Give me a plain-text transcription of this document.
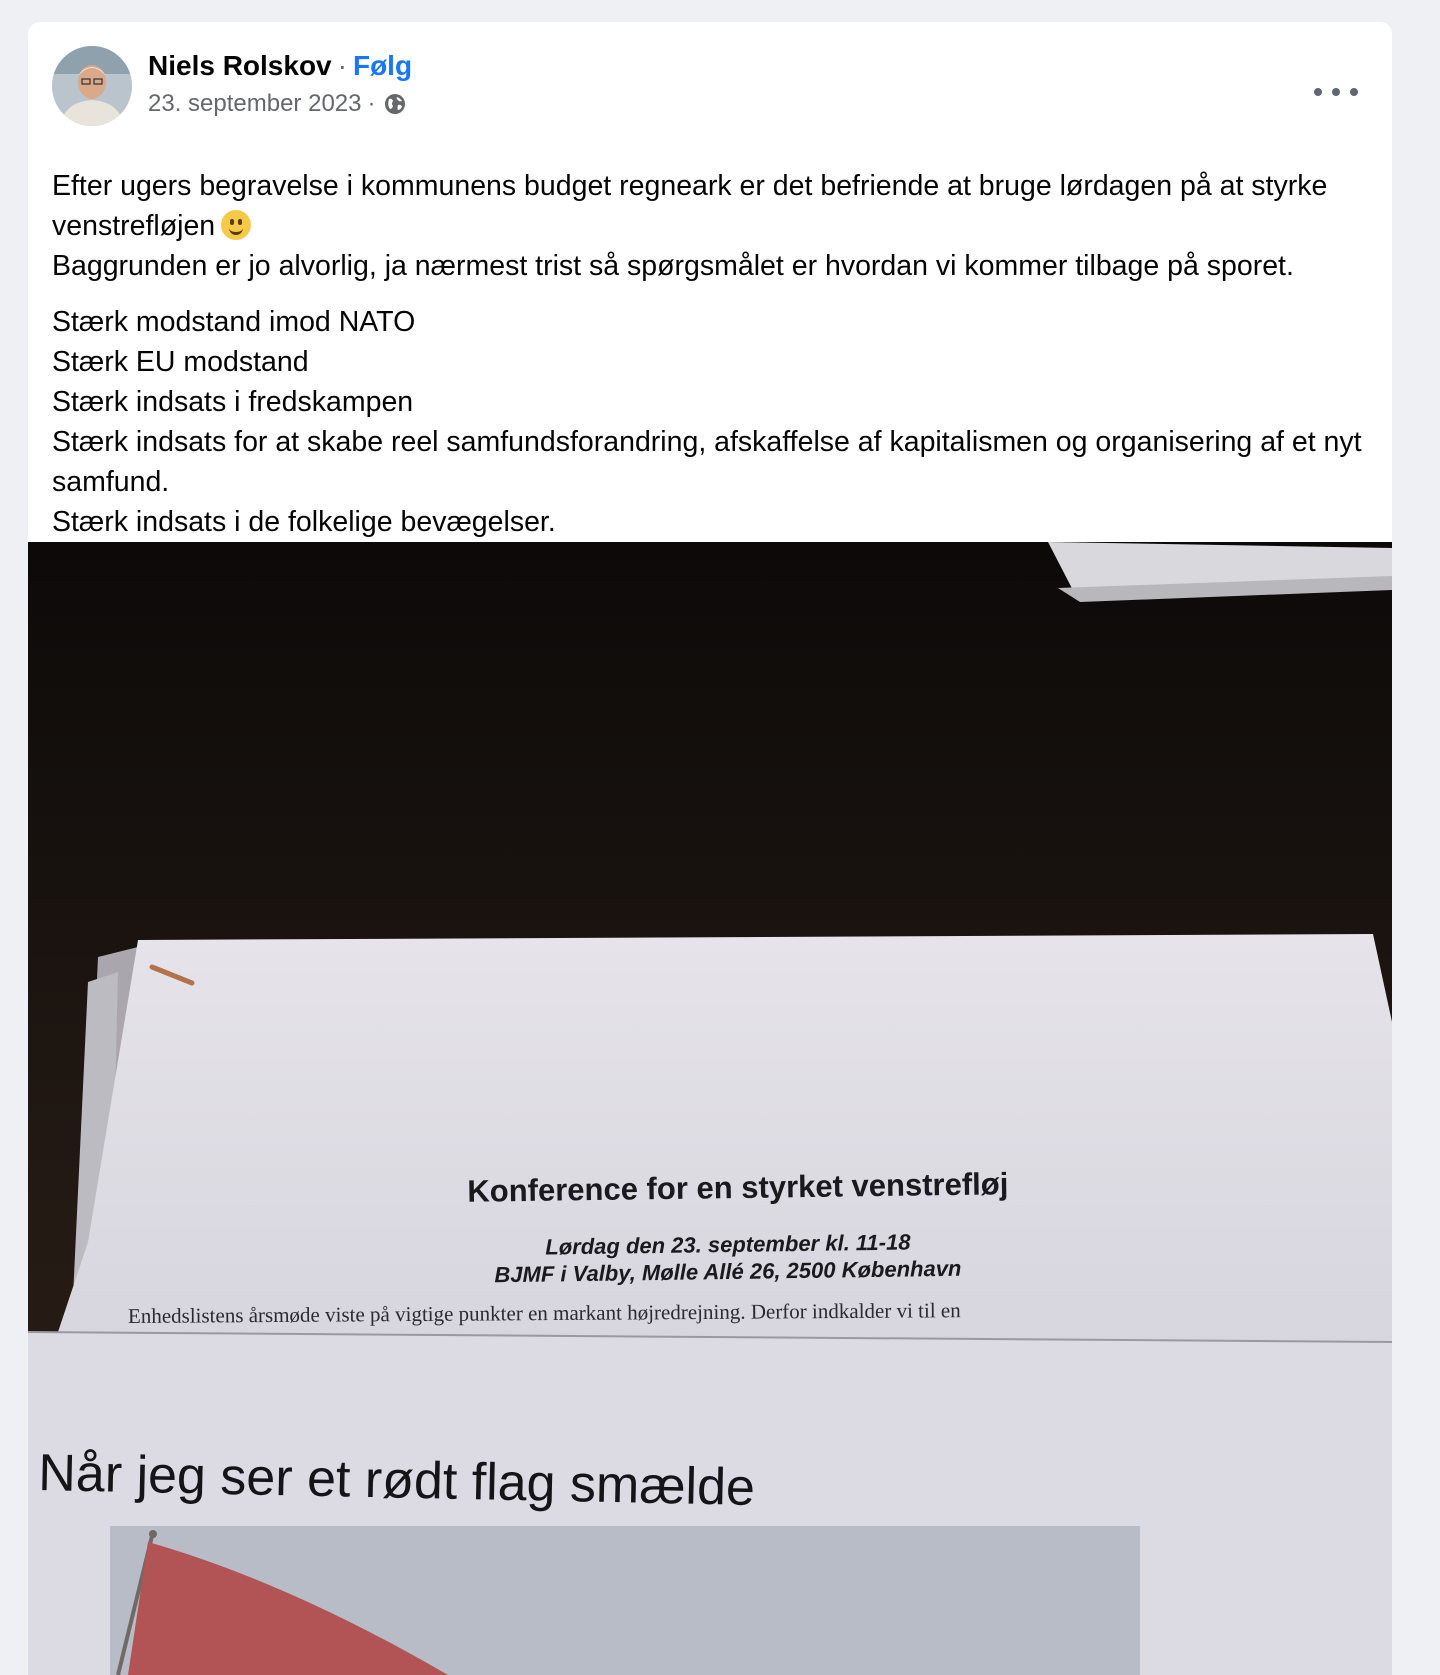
Niels Rolskov · Følg
23. september 2023 ·

Efter ugers begravelse i kommunens budget regneark er det befriende at bruge lørdagen på at styrke venstrefløjen

Baggrunden er jo alvorlig, ja nærmest trist så spørgsmålet er hvordan vi kommer tilbage på sporet.

Stærk modstand imod NATO

Stærk EU modstand

Stærk indsats i fredskampen

Stærk indsats for at skabe reel samfundsforandring, afskaffelse af kapitalismen og organisering af et nyt samfund.

Stærk indsats i de folkelige bevægelser.

Konference for en styrket venstrefløj
Lørdag den 23. september kl. 11-18
BJMF i Valby, Mølle Allé 26, 2500 København
Enhedslistens årsmøde viste på vigtige punkter en markant højredrejning. Derfor indkalder vi til en
Når jeg ser et rødt flag smælde
